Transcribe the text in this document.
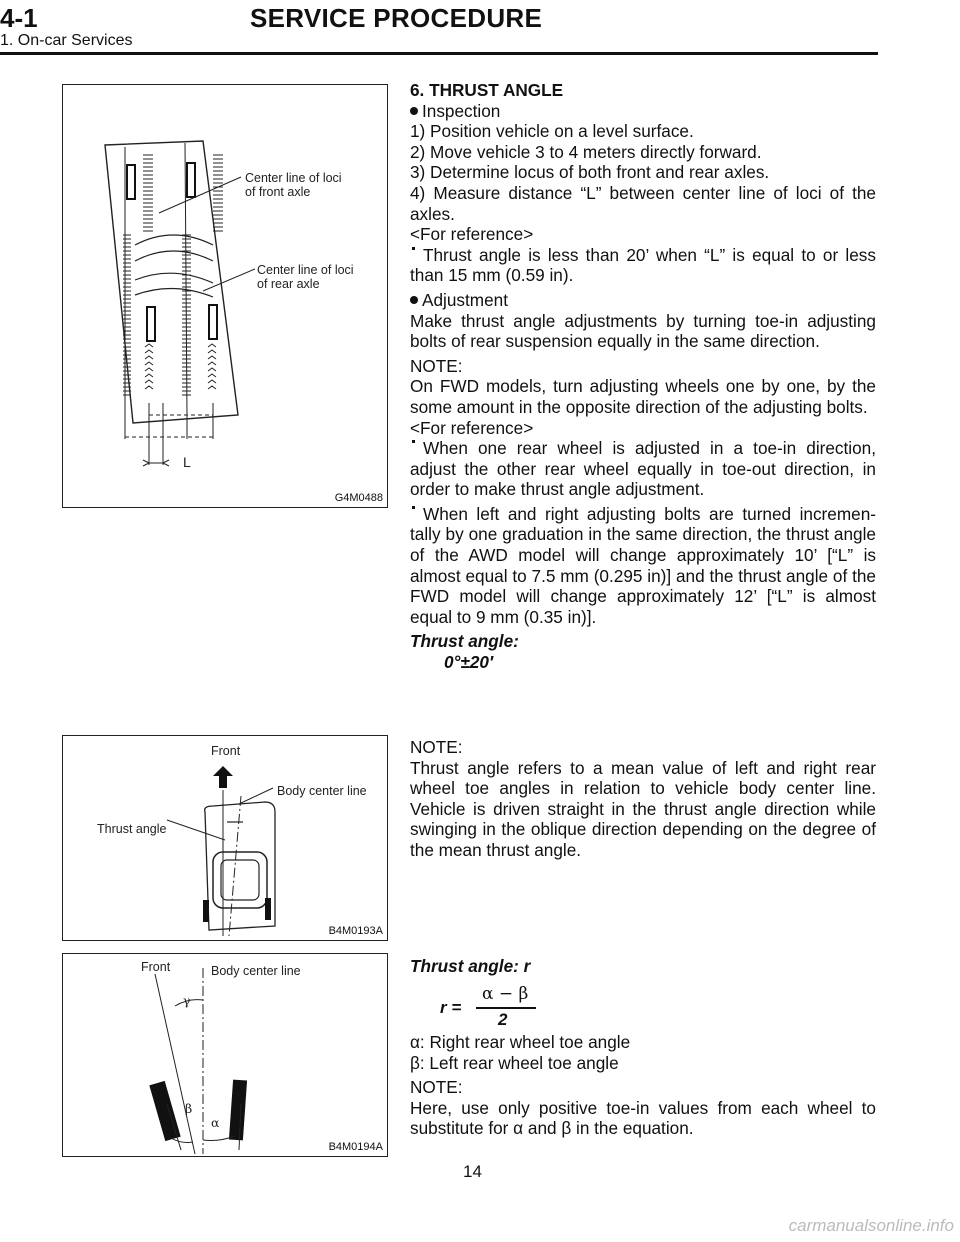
4-1	SERVICE PROCEDURE
1. On-car Services
Center line of loci
of front axle
Center line of loci
of rear axle
L
G4M0488
Front
Body center line
Thrust angle
B4M0193A
Front	Body center line
γ
β
α
B4M0194A

6. THRUST ANGLE

Inspection

1) Position vehicle on a level surface.

2) Move vehicle 3 to 4 meters directly forward.

3) Determine locus of both front and rear axles.

4) Measure distance “L” between center line of loci of the axles.

<For reference>

Thrust angle is less than 20’ when “L” is equal to or less than 15 mm (0.59 in).

Adjustment

Make thrust angle adjustments by turning toe-in adjusting bolts of rear suspension equally in the same direction.

NOTE:

On FWD models, turn adjusting wheels one by one, by the some amount in the opposite direction of the adjusting bolts.

<For reference>

When one rear wheel is adjusted in a toe-in direction, adjust the other rear wheel equally in toe-out direction, in order to make thrust angle adjustment.

When left and right adjusting bolts are turned incremen-tally by one graduation in the same direction, the thrust angle of the AWD model will change approximately 10’ [“L” is almost equal to 7.5 mm (0.295 in)] and the thrust angle of the FWD model will change approximately 12’ [“L” is almost equal to 9 mm (0.35 in)].

Thrust angle:

0°±20′

NOTE:

Thrust angle refers to a mean value of left and right rear wheel toe angles in relation to vehicle body center line. Vehicle is driven straight in the thrust angle direction while swinging in the oblique direction depending on the degree of the mean thrust angle.

Thrust angle: r

r =
α − β
2

α: Right rear wheel toe angle

β: Left rear wheel toe angle

NOTE:

Here, use only positive toe-in values from each wheel to substitute for α and β in the equation.

14
carmanualsonline.info
